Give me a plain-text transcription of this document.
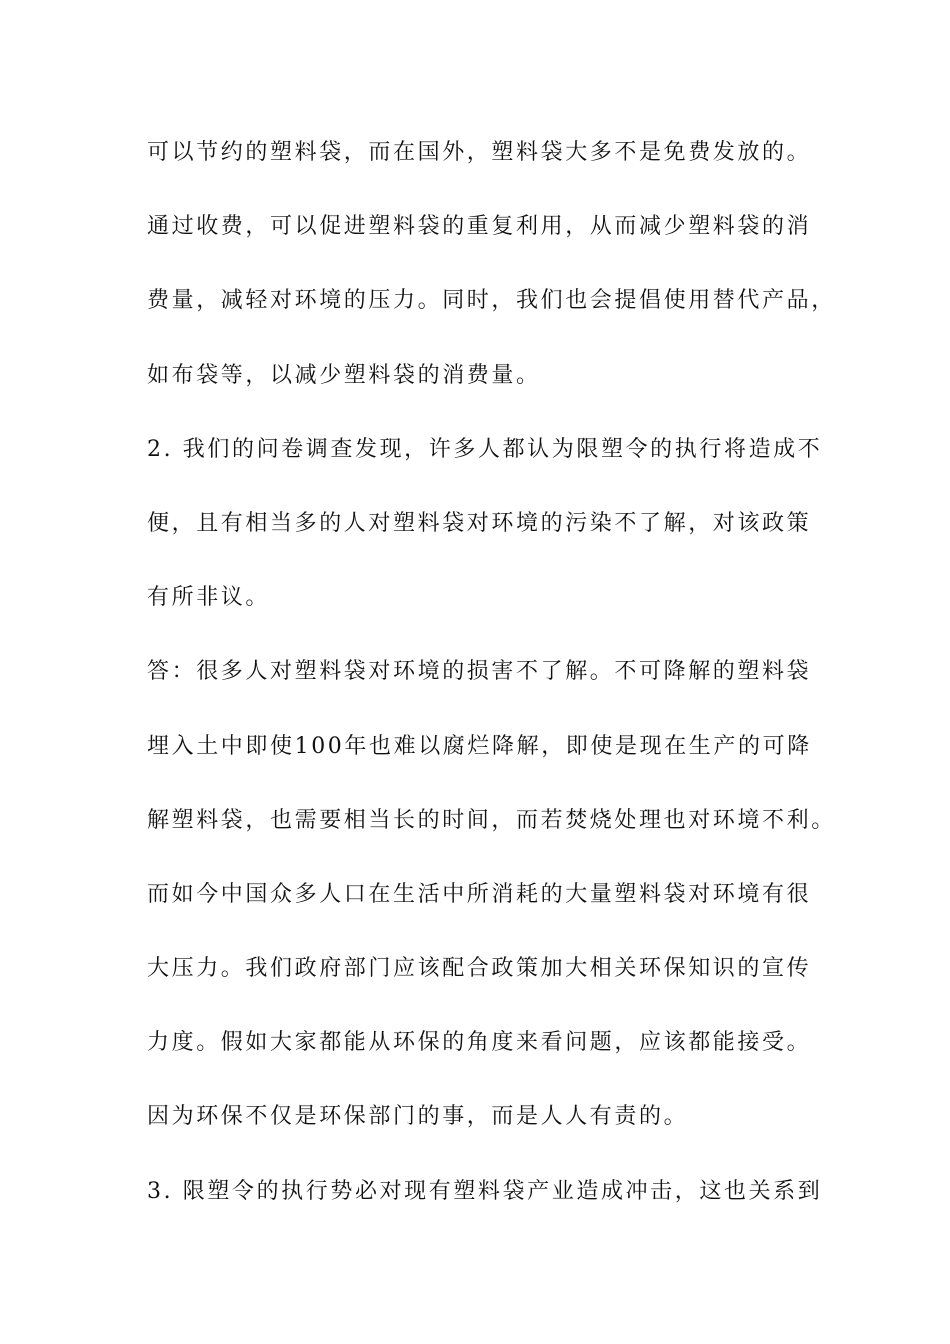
可以节约的塑料袋，而在国外，塑料袋大多不是免费发放的。
通过收费，可以促进塑料袋的重复利用，从而减少塑料袋的消
费量，减轻对环境的压力。同时，我们也会提倡使用替代产品，
如布袋等，以减少塑料袋的消费量。
2. 我们的问卷调查发现，许多人都认为限塑令的执行将造成不
便，且有相当多的人对塑料袋对环境的污染不了解，对该政策
有所非议。
答：很多人对塑料袋对环境的损害不了解。不可降解的塑料袋
埋入土中即使100年也难以腐烂降解，即使是现在生产的可降
解塑料袋，也需要相当长的时间，而若焚烧处理也对环境不利。
而如今中国众多人口在生活中所消耗的大量塑料袋对环境有很
大压力。我们政府部门应该配合政策加大相关环保知识的宣传
力度。假如大家都能从环保的角度来看问题，应该都能接受。
因为环保不仅是环保部门的事，而是人人有责的。
3. 限塑令的执行势必对现有塑料袋产业造成冲击，这也关系到
